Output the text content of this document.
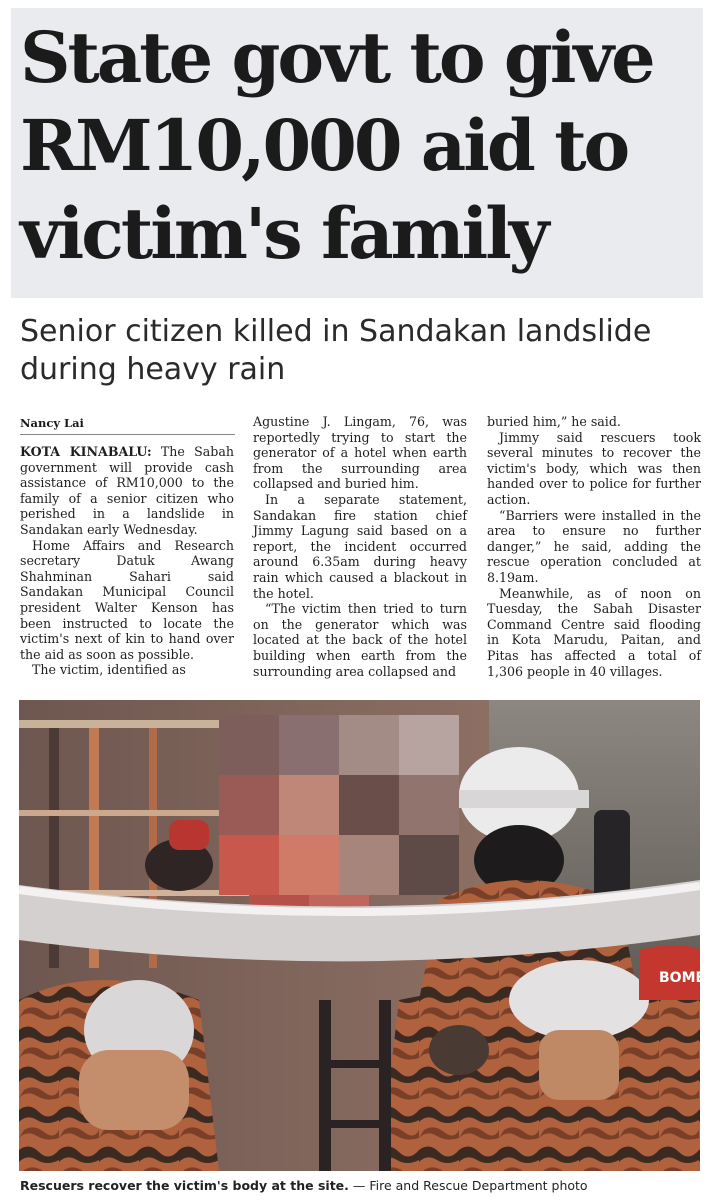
State govt to give RM10,000 aid to victim's family
Senior citizen killed in Sandakan landslide during heavy rain
Nancy Lai

KOTA KINABALU: The Sabah government will provide cash assistance of RM10,000 to the family of a senior citizen who perished in a landslide in Sandakan early Wednesday.

Home Affairs and Research secretary Datuk Awang Shahminan Sahari said Sandakan Municipal Council president Walter Kenson has been instructed to locate the victim's next of kin to hand over the aid as soon as possible.

The victim, identified as

Agustine J. Lingam, 76, was reportedly trying to start the generator of a hotel when earth from the surrounding area collapsed and buried him.

In a separate statement, Sandakan fire station chief Jimmy Lagung said based on a report, the incident occurred around 6.35am during heavy rain which caused a blackout in the hotel.

“The victim then tried to turn on the generator which was located at the back of the hotel building when earth from the surrounding area collapsed and

buried him,” he said.

Jimmy said rescuers took several minutes to recover the victim's body, which was then handed over to police for further action.

“Barriers were installed in the area to ensure no further danger,” he said, adding the rescue operation concluded at 8.19am.

Meanwhile, as of noon on Tuesday, the Sabah Disaster Command Centre said flooding in Kota Marudu, Paitan, and Pitas has affected a total of 1,306 people in 40 villages.

BOMB
Rescuers recover the victim's body at the site. — Fire and Rescue Department photo
